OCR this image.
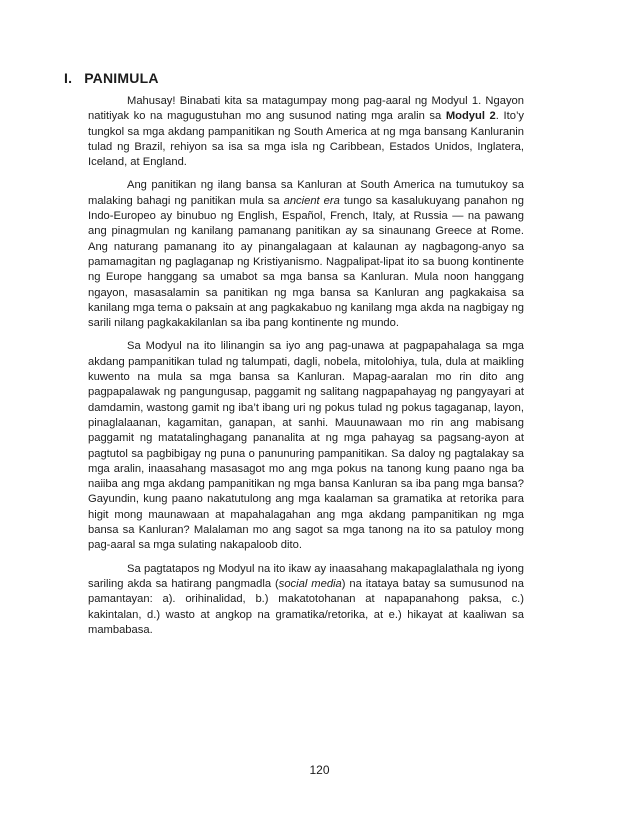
I. PANIMULA

Mahusay! Binabati kita sa matagumpay mong pag-aaral ng Modyul 1. Ngayon natitiyak ko na magugustuhan mo ang susunod nating mga aralin sa Modyul 2. Ito’y tungkol sa mga akdang pampanitikan ng South America at ng mga bansang Kanluranin tulad ng Brazil, rehiyon sa isa sa mga isla ng Caribbean, Estados Unidos, Inglatera, Iceland, at England.

Ang panitikan ng ilang bansa sa Kanluran at South America na tumutukoy sa malaking bahagi ng panitikan mula sa ancient era tungo sa kasalukuyang panahon ng Indo-Europeo ay binubuo ng English, Español, French, Italy, at Russia — na pawang ang pinagmulan ng kanilang pamanang panitikan ay sa sinaunang Greece at Rome. Ang naturang pamanang ito ay pinangalagaan at kalaunan ay nagbagong-anyo sa pamamagitan ng paglaganap ng Kristiyanismo. Nagpalipat-lipat ito sa buong kontinente ng Europe hanggang sa umabot sa mga bansa sa Kanluran. Mula noon hanggang ngayon, masasalamin sa panitikan ng mga bansa sa Kanluran ang pagkakaisa sa kanilang mga tema o paksain at ang pagkakabuo ng kanilang mga akda na nagbigay ng sarili nilang pagkakakilanlan sa iba pang kontinente ng mundo.

Sa Modyul na ito lilinangin sa iyo ang pag-unawa at pagpapahalaga sa mga akdang pampanitikan tulad ng talumpati, dagli, nobela, mitolohiya, tula, dula at maikling kuwento na mula sa mga bansa sa Kanluran. Mapag-aaralan mo rin dito ang pagpapalawak ng pangungusap, paggamit ng salitang nagpapahayag ng pangyayari at damdamin, wastong gamit ng iba’t ibang uri ng pokus tulad ng pokus tagaganap, layon, pinaglalaanan, kagamitan, ganapan, at sanhi. Mauunawaan mo rin ang mabisang paggamit ng matatalinghagang pananalita at ng mga pahayag sa pagsang-ayon at pagtutol sa pagbibigay ng puna o panunuring pampanitikan. Sa daloy ng pagtalakay sa mga aralin, inaasahang masasagot mo ang mga pokus na tanong kung paano nga ba naiiba ang mga akdang pampanitikan ng mga bansa Kanluran sa iba pang mga bansa? Gayundin, kung paano nakatutulong ang mga kaalaman sa gramatika at retorika para higit mong maunawaan at mapahalagahan ang mga akdang pampanitikan ng mga bansa sa Kanluran? Malalaman mo ang sagot sa mga tanong na ito sa patuloy mong pag-aaral sa mga sulating nakapaloob dito.

Sa pagtatapos ng Modyul na ito ikaw ay inaasahang makapaglalathala ng iyong sariling akda sa hatirang pangmadla (social media) na itataya batay sa sumusunod na pamantayan: a). orihinalidad, b.) makatotohanan at napapanahong paksa, c.) kakintalan, d.) wasto at angkop na gramatika/retorika, at e.) hikayat at kaaliwan sa mambabasa.

120
